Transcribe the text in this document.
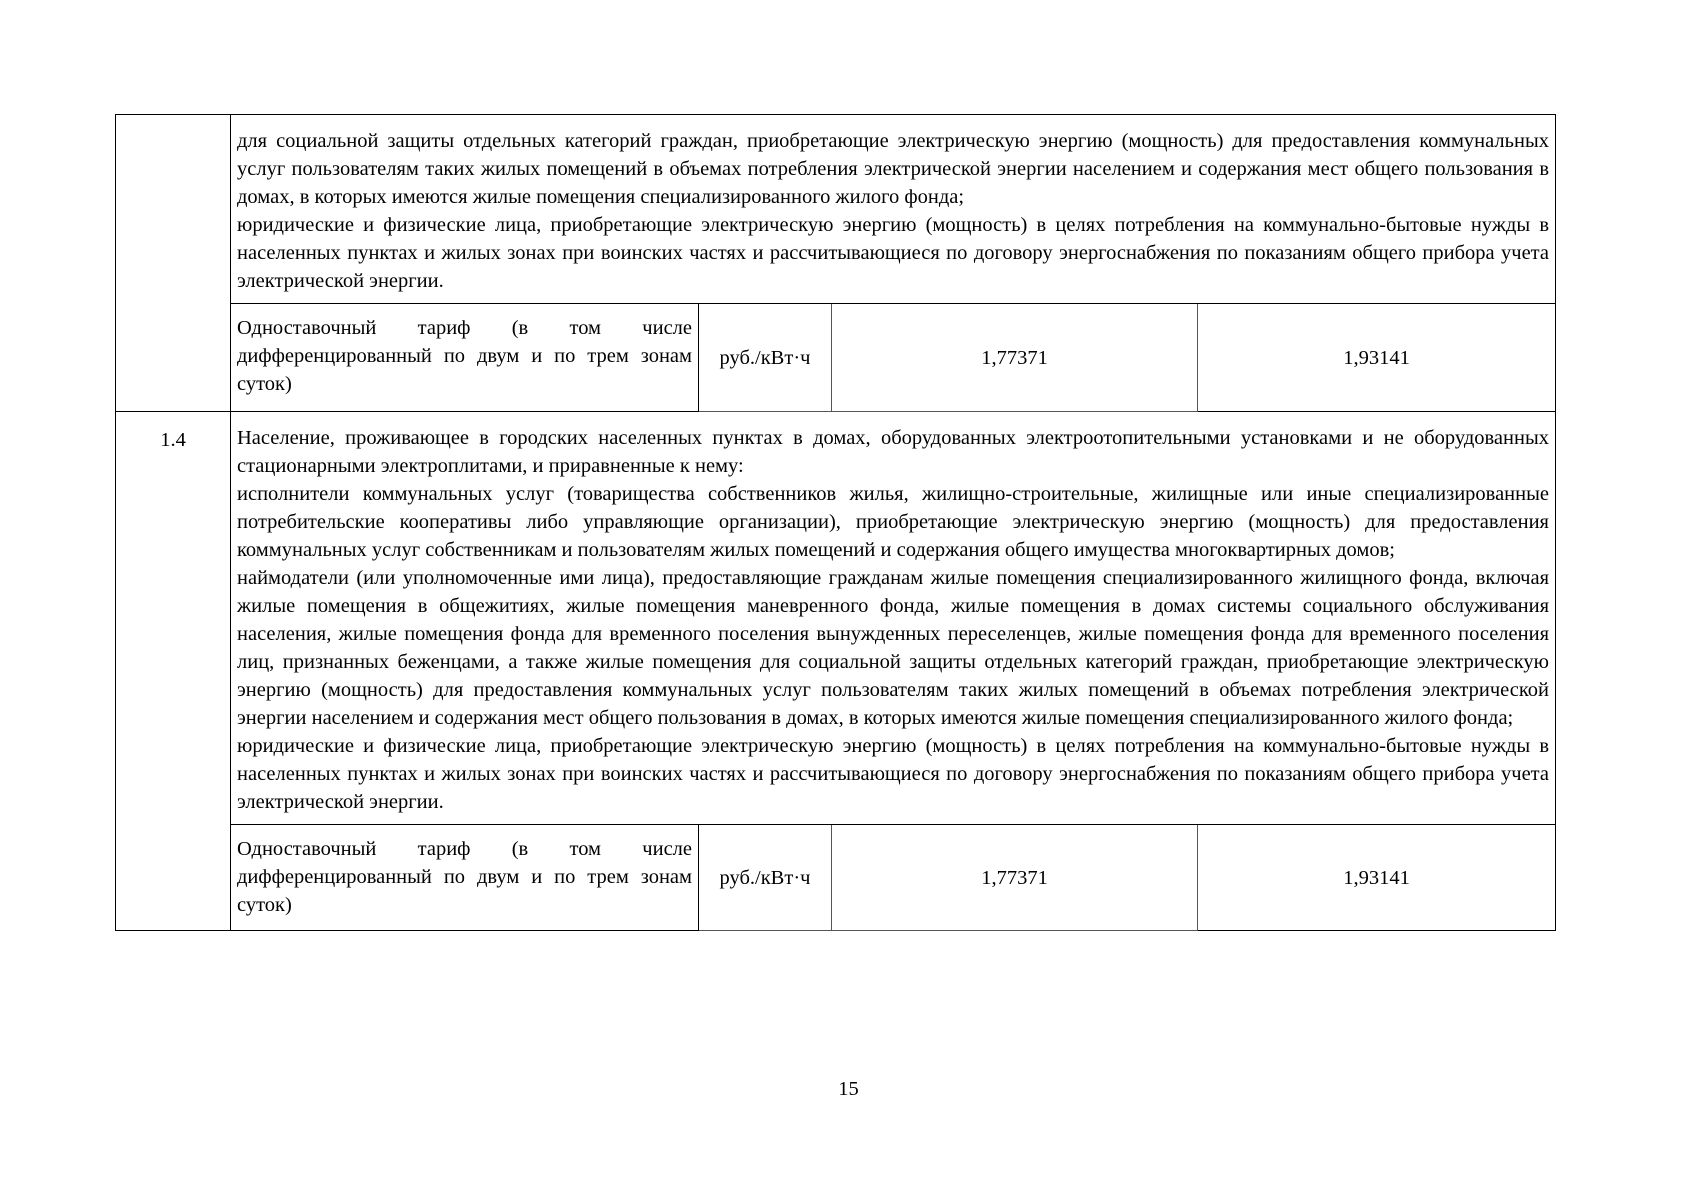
	для социальной защиты отдельных категорий граждан, приобретающие электрическую энергию (мощность) для предоставления коммунальных услуг пользователям таких жилых помещений в объемах потребления электрической энергии населением и содержания мест общего пользования в домах, в которых имеются жилые помещения специализированного жилого фонда;

юридические и физические лица, приобретающие электрическую энергию (мощность) в целях потребления на коммунально-бытовые нужды в населенных пунктах и жилых зонах при воинских частях и рассчитывающиеся по договору энергоснабжения по показаниям общего прибора учета электрической энергии.			

	Одноставочный тариф (в том числе дифференцированный по двум и по трем зонам суток)	руб./кВт·ч	1,77371	1,93141
1.4	Население, проживающее в городских населенных пунктах в домах, оборудованных электроотопительными установками и не оборудованных стационарными электроплитами, и приравненные к нему:

исполнители коммунальных услуг (товарищества собственников жилья, жилищно-строительные, жилищные или иные специализированные потребительские кооперативы либо управляющие организации), приобретающие электрическую энергию (мощность) для предоставления коммунальных услуг собственникам и пользователям жилых помещений и содержания общего имущества многоквартирных домов;

наймодатели (или уполномоченные ими лица), предоставляющие гражданам жилые помещения специализированного жилищного фонда, включая жилые помещения в общежитиях, жилые помещения маневренного фонда, жилые помещения в домах системы социального обслуживания населения, жилые помещения фонда для временного поселения вынужденных переселенцев, жилые помещения фонда для временного поселения лиц, признанных беженцами, а также жилые помещения для социальной защиты отдельных категорий граждан, приобретающие электрическую энергию (мощность) для предоставления коммунальных услуг пользователям таких жилых помещений в объемах потребления электрической энергии населением и содержания мест общего пользования в домах, в которых имеются жилые помещения специализированного жилого фонда;

юридические и физические лица, приобретающие электрическую энергию (мощность) в целях потребления на коммунально-бытовые нужды в населенных пунктах и жилых зонах при воинских частях и рассчитывающиеся по договору энергоснабжения по показаниям общего прибора учета электрической энергии.			

	Одноставочный тариф (в том числе дифференцированный по двум и по трем зонам суток)	руб./кВт·ч	1,77371	1,93141
15
